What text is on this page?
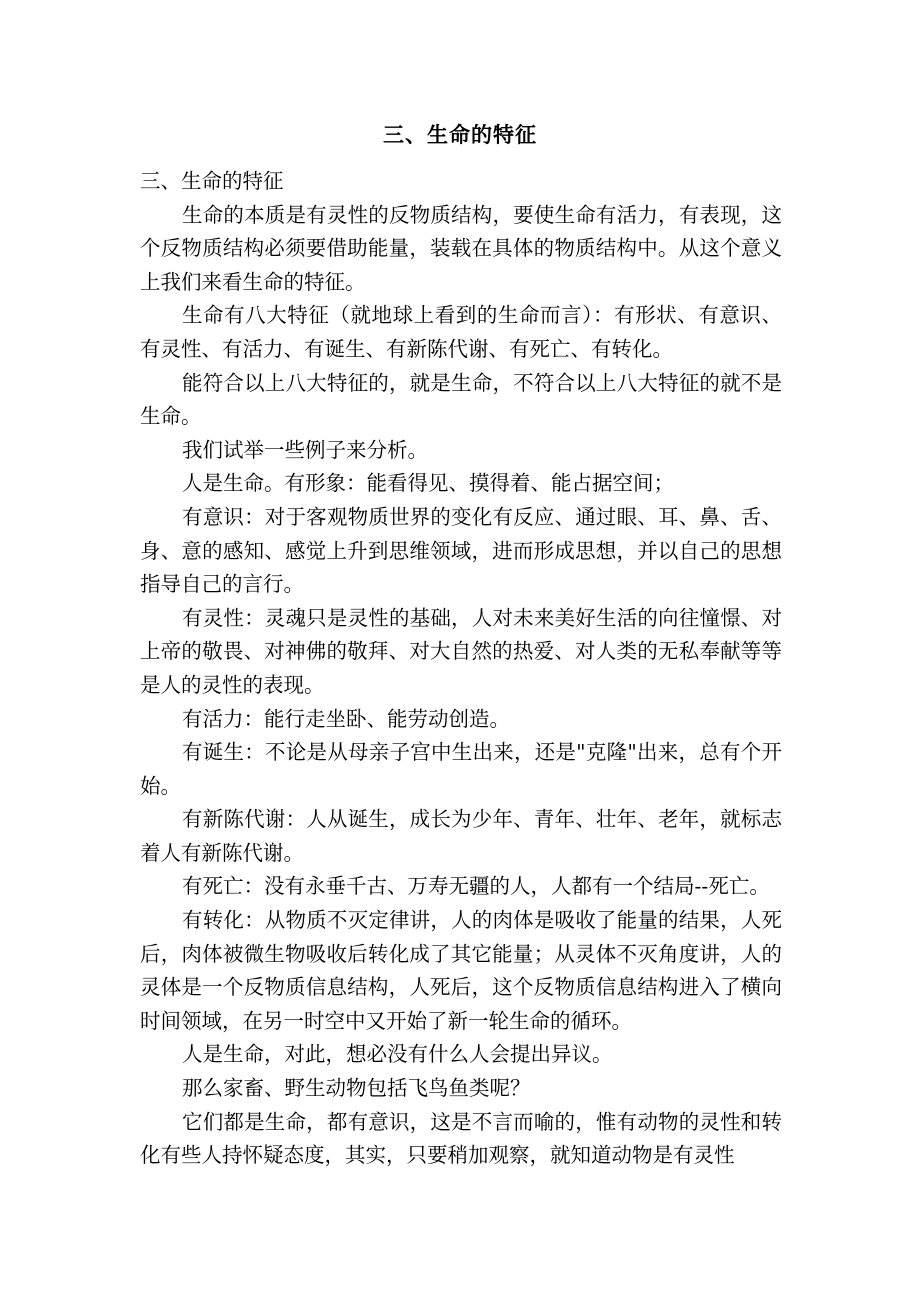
三、生命的特征

三、生命的特征

生命的本质是有灵性的反物质结构，要使生命有活力，有表现，这个反物质结构必须要借助能量，装载在具体的物质结构中。从这个意义上我们来看生命的特征。

生命有八大特征（就地球上看到的生命而言）：有形状、有意识、有灵性、有活力、有诞生、有新陈代谢、有死亡、有转化。

能符合以上八大特征的，就是生命，不符合以上八大特征的就不是生命。

我们试举一些例子来分析。

人是生命。有形象：能看得见、摸得着、能占据空间；

有意识：对于客观物质世界的变化有反应、通过眼、耳、鼻、舌、身、意的感知、感觉上升到思维领域，进而形成思想，并以自己的思想指导自己的言行。

有灵性：灵魂只是灵性的基础，人对未来美好生活的向往憧憬、对上帝的敬畏、对神佛的敬拜、对大自然的热爱、对人类的无私奉献等等是人的灵性的表现。

有活力：能行走坐卧、能劳动创造。

有诞生：不论是从母亲子宫中生出来，还是"克隆"出来，总有个开始。

有新陈代谢：人从诞生，成长为少年、青年、壮年、老年，就标志着人有新陈代谢。

有死亡：没有永垂千古、万寿无疆的人，人都有一个结局--死亡。

有转化：从物质不灭定律讲，人的肉体是吸收了能量的结果，人死后，肉体被微生物吸收后转化成了其它能量；从灵体不灭角度讲，人的灵体是一个反物质信息结构，人死后，这个反物质信息结构进入了横向时间领域，在另一时空中又开始了新一轮生命的循环。

人是生命，对此，想必没有什么人会提出异议。

那么家畜、野生动物包括飞鸟鱼类呢？

它们都是生命，都有意识，这是不言而喻的，惟有动物的灵性和转化有些人持怀疑态度，其实，只要稍加观察，就知道动物是有灵性
